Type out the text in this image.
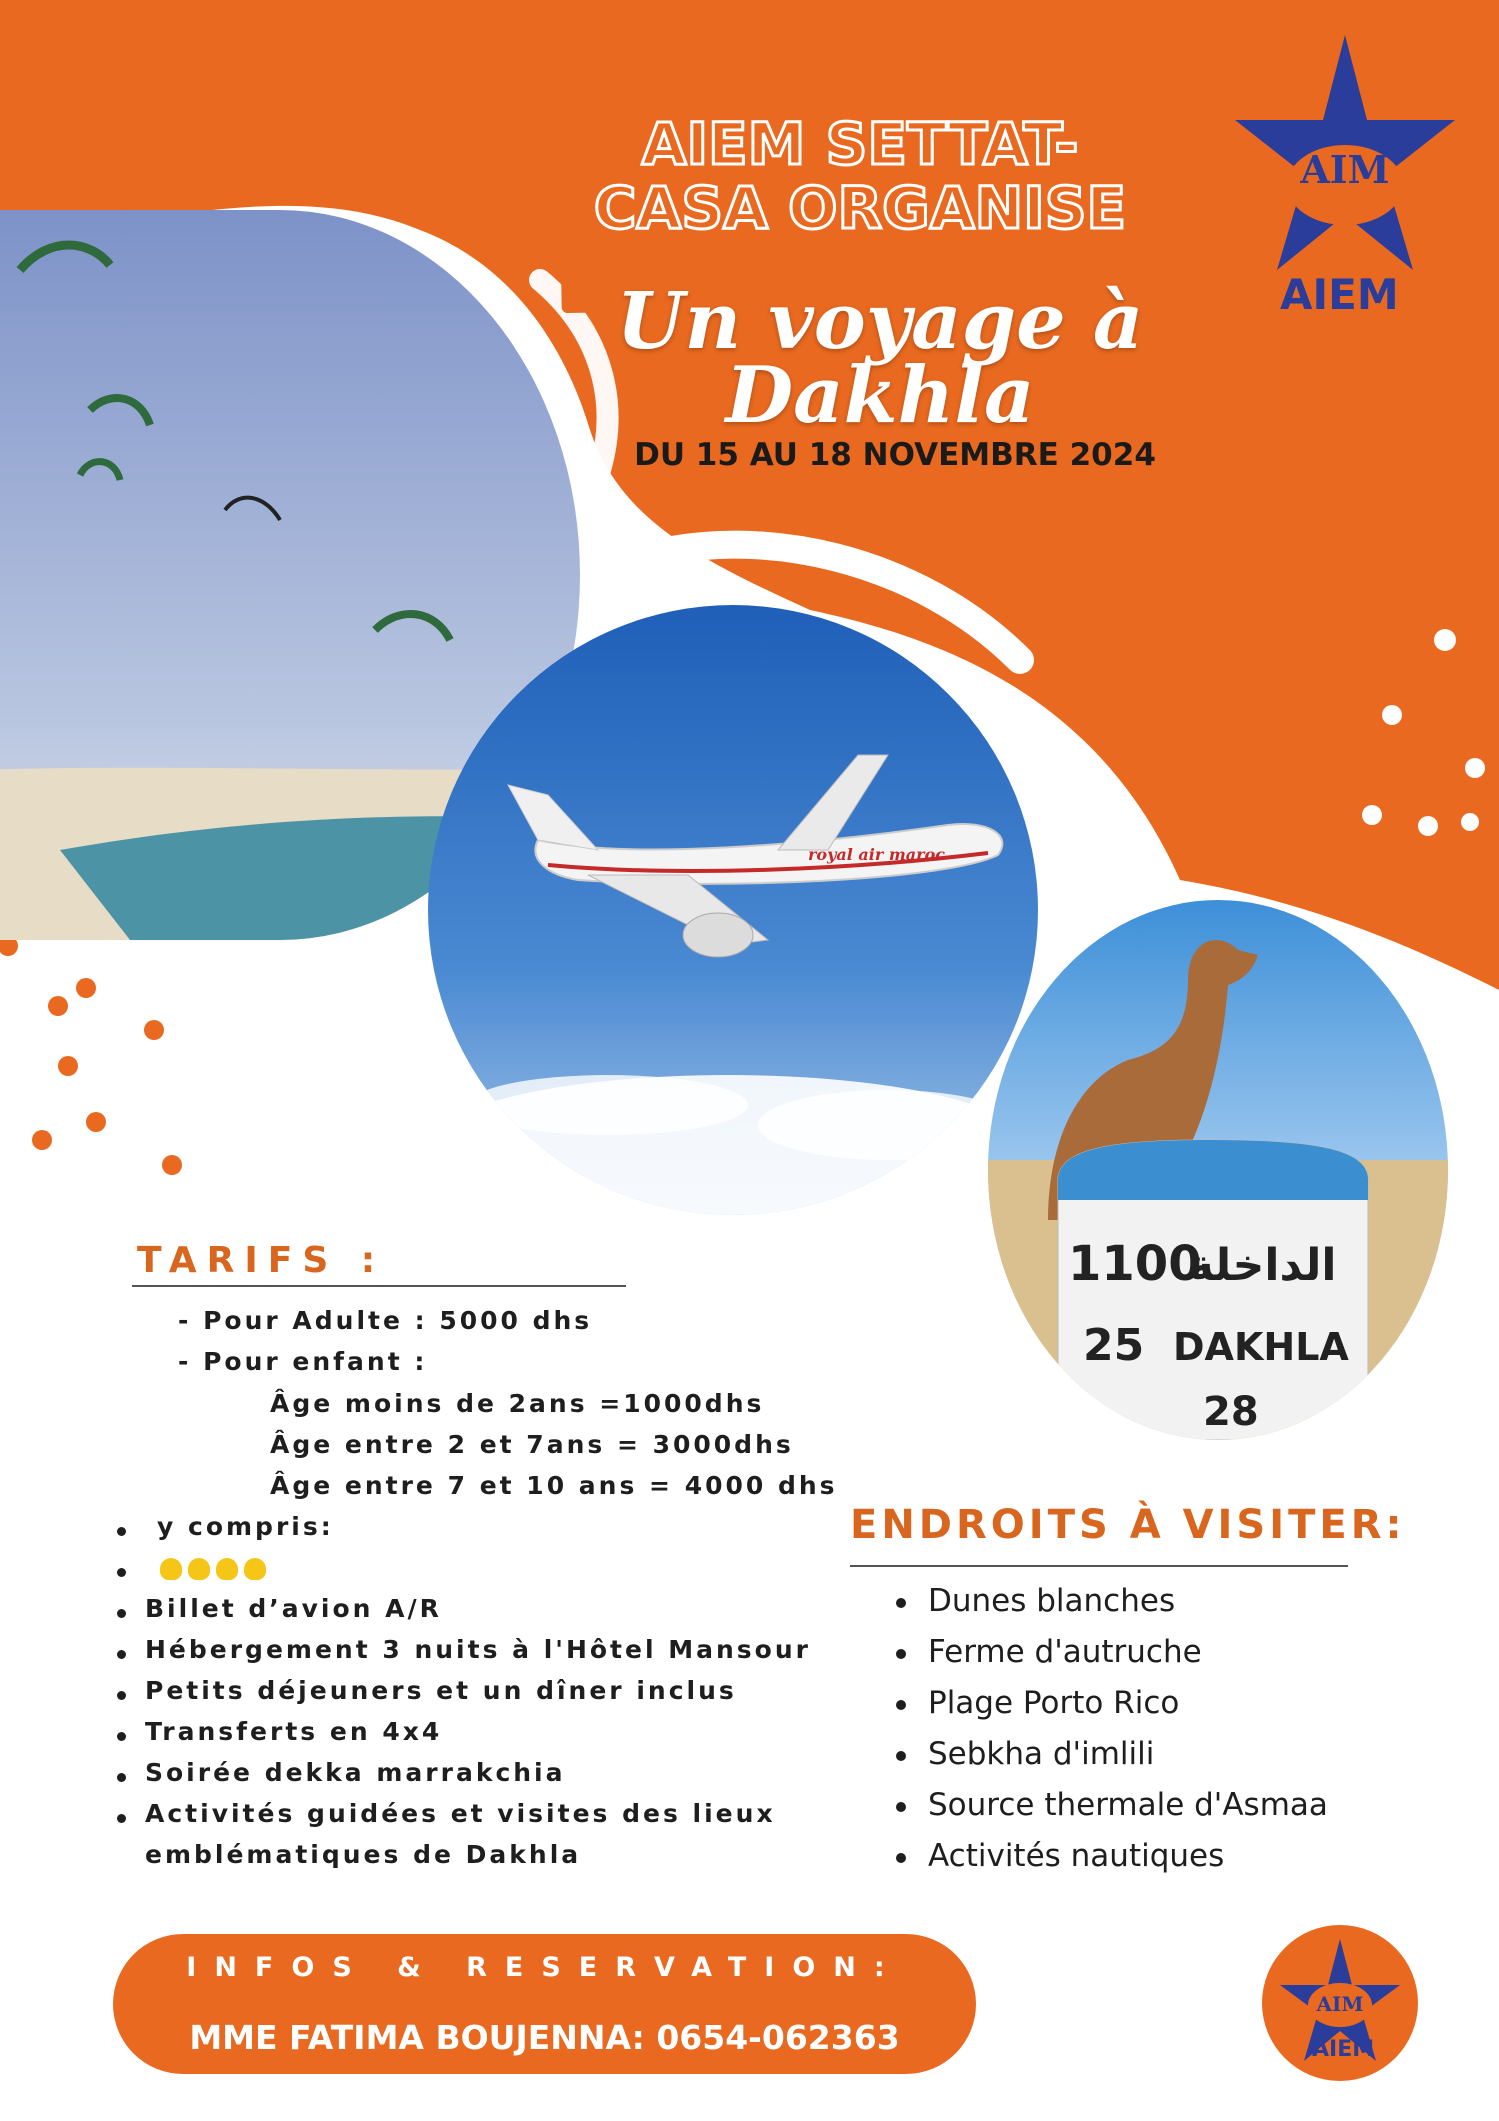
royal air maroc
1100
الداخلة
25 DAKHLA
28
AIEM SETTAT-
CASA ORGANISE
Un voyage à
Dakhla
DU 15 AU 18 NOVEMBRE 2024
AIM
AIEM
TARIFS :
- Pour Adulte : 5000 dhs
- Pour enfant :
Âge moins de 2ans =1000dhs
Âge entre 2 et 7ans = 3000dhs
Âge entre 7 et 10 ans = 4000 dhs
y compris:
Billet d’avion A/R
Hébergement 3 nuits à l'Hôtel Mansour
Petits déjeuners et un dîner inclus
Transferts en 4x4
Soirée dekka marrakchia
Activités guidées et visites des lieux
emblématiques de Dakhla
ENDROITS À VISITER:
Dunes blanches
Ferme d'autruche
Plage Porto Rico
Sebkha d'imlili
Source thermale d'Asmaa
Activités nautiques
INFOS & RESERVATION:
MME FATIMA BOUJENNA: 0654-062363
AIM
AIEM
